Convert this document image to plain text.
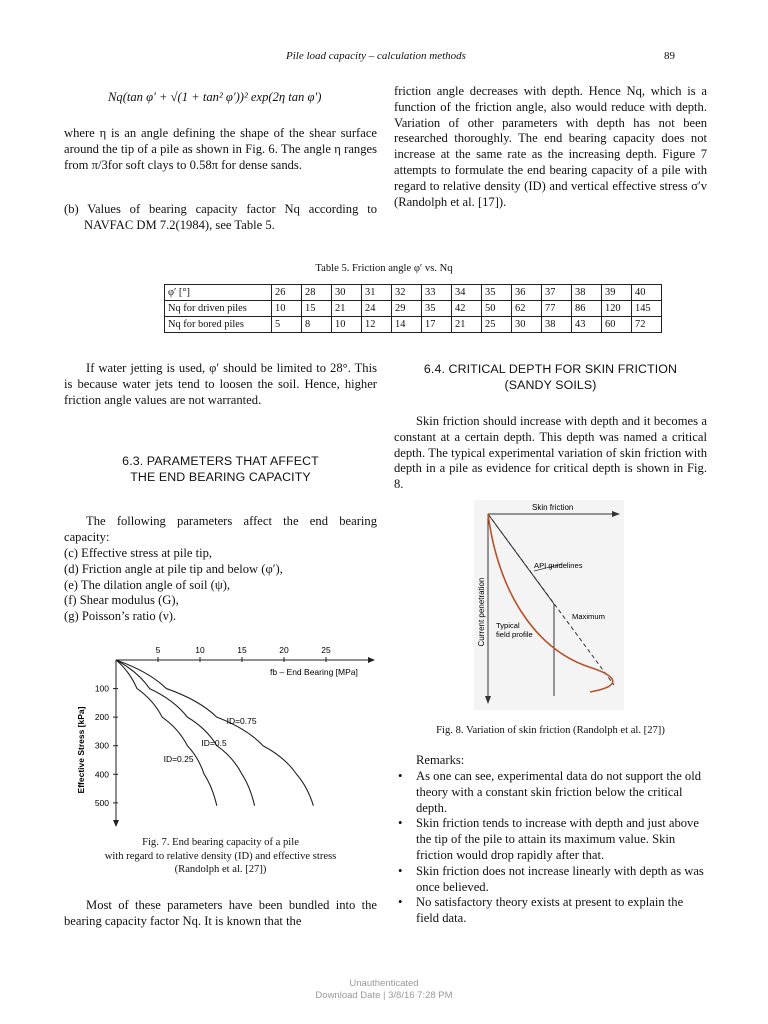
Pile load capacity – calculation methods	89
Nq(tan φ′ + √(1 + tan² φ′))² exp(2η tan φ′)

where η is an angle defining the shape of the shear surface around the tip of a pile as shown in Fig. 6. The angle η ranges from π/3for soft clays to 0.58π for dense sands.

(b) Values of bearing capacity factor Nq according to NAVFAC DM 7.2(1984), see Table 5.

Table 5. Friction angle φ′ vs. Nq
φ′ [°]	26	28	30	31	32	33	34	35	36	37	38	39	40
Nq for driven piles	10	15	21	24	29	35	42	50	62	77	86	120	145
Nq for bored piles	5	8	10	12	14	17	21	25	30	38	43	60	72

If water jetting is used, φ′ should be limited to 28°. This is because water jets tend to loosen the soil. Hence, higher friction angle values are not warranted.

6.3. PARAMETERS THAT AFFECT
THE END BEARING CAPACITY

The following parameters affect the end bearing capacity:

(c) Effective stress at pile tip,
(d) Friction angle at pile tip and below (φ′),
(e) The dilation angle of soil (ψ),
(f) Shear modulus (G),
(g) Poisson’s ratio (ν).
Effective Stress [kPa]
fb – End Bearing [MPa]
5	10	15	20	25
100
200
300
400
500
ID=0.25
ID=0.5
ID=0.75
Fig. 7. End bearing capacity of a pile
with regard to relative density (ID) and effective stress
(Randolph et al. [27])

Most of these parameters have been bundled into the bearing capacity factor Nq. It is known that the

friction angle decreases with depth. Hence Nq, which is a function of the friction angle, also would reduce with depth. Variation of other parameters with depth has not been researched thoroughly. The end bearing capacity does not increase at the same rate as the increasing depth. Figure 7 attempts to formulate the end bearing capacity of a pile with regard to relative density (ID) and vertical effective stress σ′v (Randolph et al. [17]).

6.4. CRITICAL DEPTH FOR SKIN FRICTION
(SANDY SOILS)

Skin friction should increase with depth and it becomes a constant at a certain depth. This depth was named a critical depth. The typical experimental variation of skin friction with depth in a pile as evidence for critical depth is shown in Fig. 8.

Skin friction
Current penetration
API guidelines
Maximum
Typical field profile
Fig. 8. Variation of skin friction (Randolph et al. [27])
Remarks:
• As one can see, experimental data do not support the old theory with a constant skin friction below the critical depth.
• Skin friction tends to increase with depth and just above the tip of the pile to attain its maximum value. Skin friction would drop rapidly after that.
• Skin friction does not increase linearly with depth as was once believed.
• No satisfactory theory exists at present to explain the field data.
Unauthenticated
Download Date | 3/8/16 7:28 PM
